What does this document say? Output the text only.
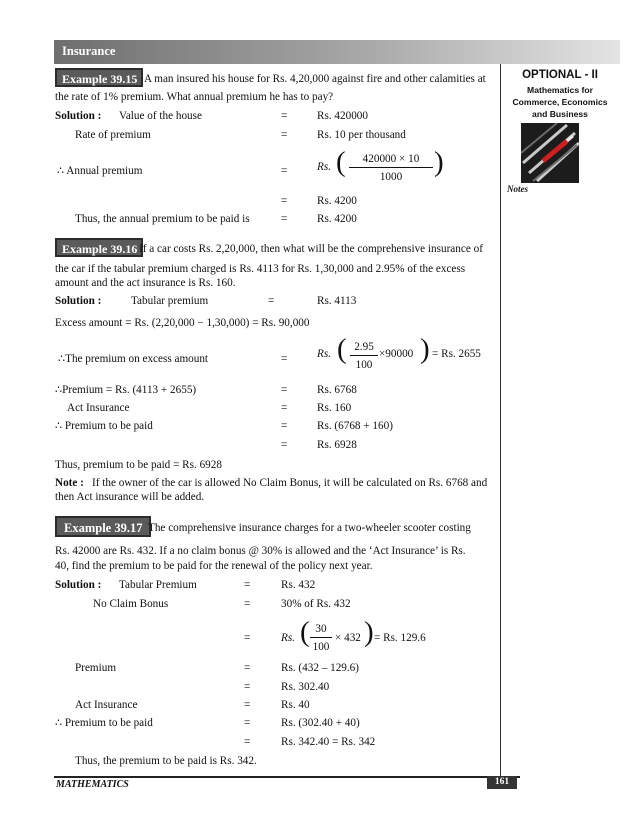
Insurance
OPTIONAL - II
Mathematics for
Commerce, Economics
and Business
Notes
Example 39.15 A man insured his house for Rs. 4,20,000 against fire and other calamities at
the rate of 1% premium. What annual premium he has to pay?
Solution : Value of the house	=	Rs. 420000
Rate of premium	=	Rs. 10 per thousand
∴ Annual premium	=	Rs. (	420000 × 10
1000	)
=	Rs. 4200
Thus, the annual premium to be paid is	=	Rs. 4200
Example 39.16 If a car costs Rs. 2,20,000, then what will be the comprehensive insurance of
the car if the tabular premium charged is Rs. 4113 for Rs. 1,30,000 and 2.95% of the excess
amount and the act insurance is Rs. 160.
Solution :	Tabular premium	=	Rs. 4113
Excess amount = Rs. (2,20,000 − 1,30,000) = Rs. 90,000
∴The premium on excess amount	=	Rs. ( 2.95
100
×90000 ) = Rs. 2655
∴Premium = Rs. (4113 + 2655)	=	Rs. 6768
Act Insurance	=	Rs. 160
∴ Premium to be paid	=	Rs. (6768 + 160)
=	Rs. 6928
Thus, premium to be paid = Rs. 6928
Note : If the owner of the car is allowed No Claim Bonus, it will be calculated on Rs. 6768 and
then Act insurance will be added.
Example 39.17 The comprehensive insurance charges for a two-wheeler scooter costing
Rs. 42000 are Rs. 432. If a no claim bonus @ 30% is allowed and the ‘Act Insurance’ is Rs.
40, find the premium to be paid for the renewal of the policy next year.
Solution : Tabular Premium	=	Rs. 432
No Claim Bonus	=	30% of Rs. 432
=	Rs. ( 30
100
× 432 ) = Rs. 129.6
Premium	=	Rs. (432 – 129.6)
=	Rs. 302.40
Act Insurance	=	Rs. 40
∴ Premium to be paid	=	Rs. (302.40 + 40)
=	Rs. 342.40 = Rs. 342
Thus, the premium to be paid is Rs. 342.
MATHEMATICS	161
